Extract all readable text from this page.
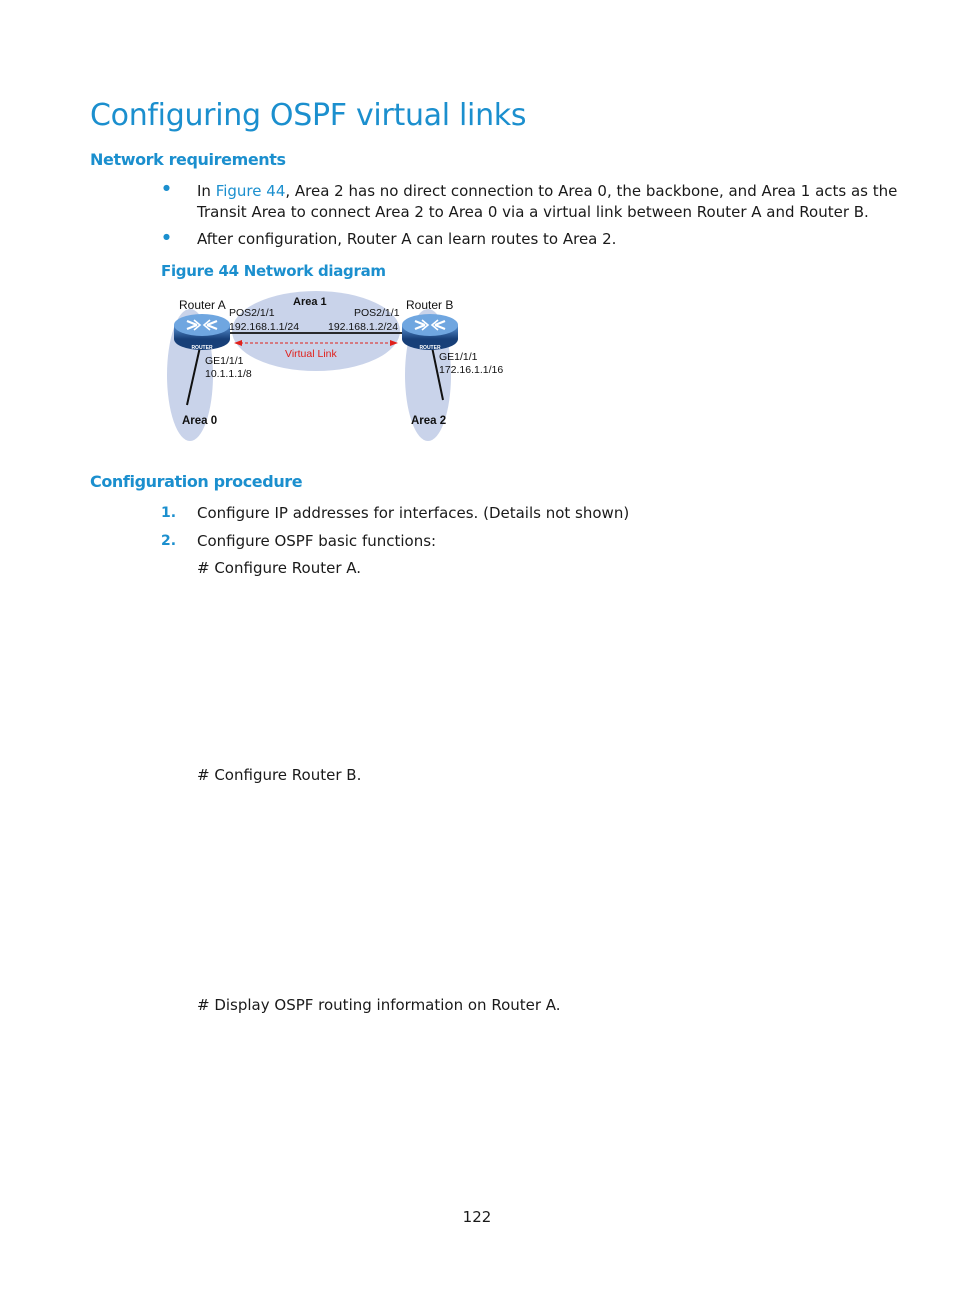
Configuring OSPF virtual links
Network requirements
● In Figure 44, Area 2 has no direct connection to Area 0, the backbone, and Area 1 acts as the
Transit Area to connect Area 2 to Area 0 via a virtual link between Router A and Router B.
● After configuration, Router A can learn routes to Area 2.
Figure 44 Network diagram
ROUTER	ROUTER
Router A	Router B
Area 1
POS2/1/1
192.168.1.1/24
POS2/1/1
192.168.1.2/24
Virtual Link
GE1/1/1
10.1.1.1/8
GE1/1/1
172.16.1.1/16
Area 0	Area 2
Configuration procedure
1. Configure IP addresses for interfaces. (Details not shown)
2. Configure OSPF basic functions:
# Configure Router A.
# Configure Router B.
# Display OSPF routing information on Router A.
122
